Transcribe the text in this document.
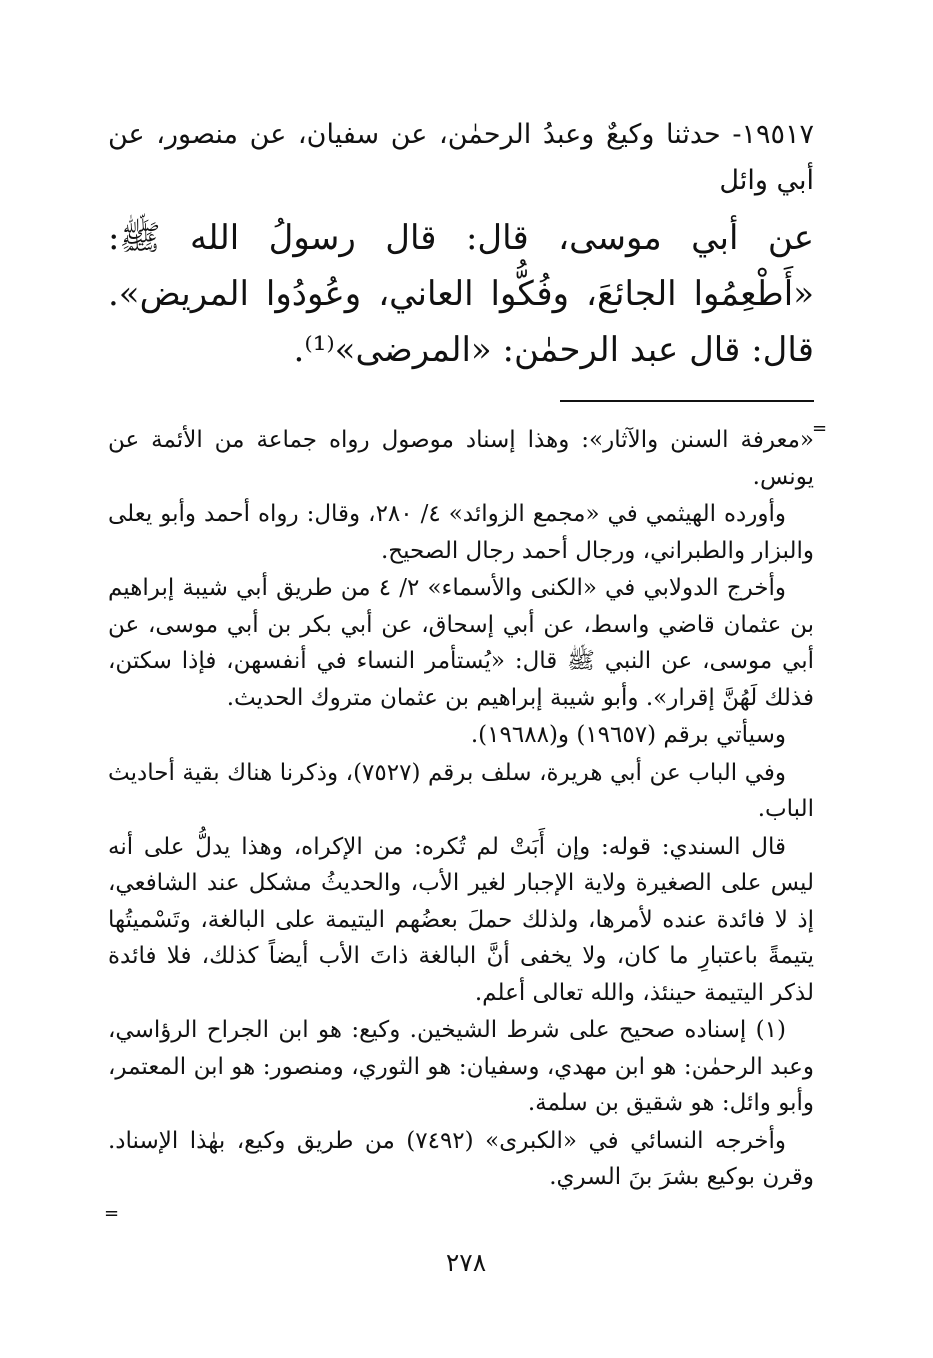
١٩٥١٧- حدثنا وكيعٌ وعبدُ الرحمٰن، عن سفيان، عن منصور، عن أبي وائل

عن أبي موسى، قال: قال رسولُ الله ﷺ: «أَطْعِمُوا الجائعَ، وفُكُّوا العاني، وعُودُوا المريض». قال: قال عبد الرحمٰن: «المرضى»⁽¹⁾.

«معرفة السنن والآثار»: وهذا إسناد موصول رواه جماعة من الأئمة عن يونس.

وأورده الهيثمي في «مجمع الزوائد» ٤/ ٢٨٠، وقال: رواه أحمد وأبو يعلى والبزار والطبراني، ورجال أحمد رجال الصحيح.

وأخرج الدولابي في «الكنى والأسماء» ٢/ ٤ من طريق أبي شيبة إبراهيم بن عثمان قاضي واسط، عن أبي إسحاق، عن أبي بكر بن أبي موسى، عن أبي موسى، عن النبي ﷺ قال: «يُستأمر النساء في أنفسهن، فإذا سكتن، فذلك لَهُنَّ إقرار». وأبو شيبة إبراهيم بن عثمان متروك الحديث.

وسيأتي برقم (١٩٦٥٧) و(١٩٦٨٨).

وفي الباب عن أبي هريرة، سلف برقم (٧٥٢٧)، وذكرنا هناك بقية أحاديث الباب.

قال السندي: قوله: وإن أَبَتْ لم تُكره: من الإكراه، وهذا يدلُّ على أنه ليس على الصغيرة ولاية الإجبار لغير الأب، والحديثُ مشكل عند الشافعي، إذ لا فائدة عنده لأمرها، ولذلك حملَ بعضُهم اليتيمة على البالغة، وتَسْميتُها يتيمةً باعتبارِ ما كان، ولا يخفى أنَّ البالغة ذاتَ الأب أيضاً كذلك، فلا فائدة لذكر اليتيمة حينئذ، والله تعالى أعلم.

(١) إسناده صحيح على شرط الشيخين. وكيع: هو ابن الجراح الرؤاسي، وعبد الرحمٰن: هو ابن مهدي، وسفيان: هو الثوري، ومنصور: هو ابن المعتمر، وأبو وائل: هو شقيق بن سلمة.

وأخرجه النسائي في «الكبرى» (٧٤٩٢) من طريق وكيع، بهٰذا الإسناد. وقرن بوكيع بشرَ بنَ السري.

=
=
٢٧٨
